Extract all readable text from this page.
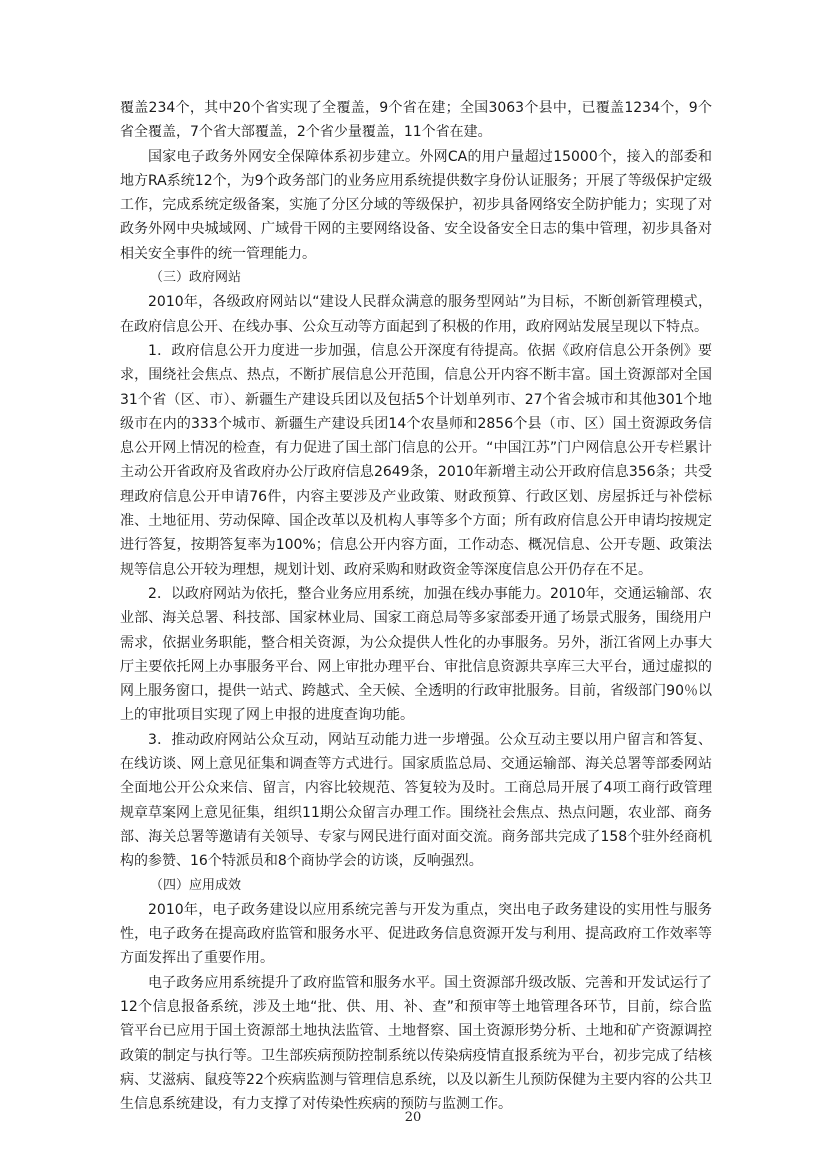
覆盖234个，其中20个省实现了全覆盖，9个省在建；全国3063个县中，已覆盖1234个，9个省全覆盖，7个省大部覆盖，2个省少量覆盖，11个省在建。

国家电子政务外网安全保障体系初步建立。外网CA的用户量超过15000个，接入的部委和地方RA系统12个，为9个政务部门的业务应用系统提供数字身份认证服务；开展了等级保护定级工作，完成系统定级备案，实施了分区分域的等级保护，初步具备网络安全防护能力；实现了对政务外网中央城域网、广域骨干网的主要网络设备、安全设备安全日志的集中管理，初步具备对相关安全事件的统一管理能力。

（三）政府网站

2010年，各级政府网站以“建设人民群众满意的服务型网站”为目标，不断创新管理模式，在政府信息公开、在线办事、公众互动等方面起到了积极的作用，政府网站发展呈现以下特点。

1．政府信息公开力度进一步加强，信息公开深度有待提高。依据《政府信息公开条例》要求，围绕社会焦点、热点，不断扩展信息公开范围，信息公开内容不断丰富。国土资源部对全国31个省（区、市）、新疆生产建设兵团以及包括5个计划单列市、27个省会城市和其他301个地级市在内的333个城市、新疆生产建设兵团14个农垦师和2856个县（市、区）国土资源政务信息公开网上情况的检查，有力促进了国土部门信息的公开。“中国江苏”门户网信息公开专栏累计主动公开省政府及省政府办公厅政府信息2649条，2010年新增主动公开政府信息356条；共受理政府信息公开申请76件，内容主要涉及产业政策、财政预算、行政区划、房屋拆迁与补偿标准、土地征用、劳动保障、国企改革以及机构人事等多个方面；所有政府信息公开申请均按规定进行答复，按期答复率为100%；信息公开内容方面，工作动态、概况信息、公开专题、政策法规等信息公开较为理想，规划计划、政府采购和财政资金等深度信息公开仍存在不足。

2．以政府网站为依托，整合业务应用系统，加强在线办事能力。2010年，交通运输部、农业部、海关总署、科技部、国家林业局、国家工商总局等多家部委开通了场景式服务，围绕用户需求，依据业务职能，整合相关资源，为公众提供人性化的办事服务。另外，浙江省网上办事大厅主要依托网上办事服务平台、网上审批办理平台、审批信息资源共享库三大平台，通过虚拟的网上服务窗口，提供一站式、跨越式、全天候、全透明的行政审批服务。目前，省级部门90％以上的审批项目实现了网上申报的进度查询功能。

3．推动政府网站公众互动，网站互动能力进一步增强。公众互动主要以用户留言和答复、在线访谈、网上意见征集和调查等方式进行。国家质监总局、交通运输部、海关总署等部委网站全面地公开公众来信、留言，内容比较规范、答复较为及时。工商总局开展了4项工商行政管理规章草案网上意见征集，组织11期公众留言办理工作。围绕社会焦点、热点问题，农业部、商务部、海关总署等邀请有关领导、专家与网民进行面对面交流。商务部共完成了158个驻外经商机构的参赞、16个特派员和8个商协学会的访谈，反响强烈。

（四）应用成效

2010年，电子政务建设以应用系统完善与开发为重点，突出电子政务建设的实用性与服务性，电子政务在提高政府监管和服务水平、促进政务信息资源开发与利用、提高政府工作效率等方面发挥出了重要作用。

电子政务应用系统提升了政府监管和服务水平。国土资源部升级改版、完善和开发试运行了12个信息报备系统，涉及土地“批、供、用、补、查”和预审等土地管理各环节，目前，综合监管平台已应用于国土资源部土地执法监管、土地督察、国土资源形势分析、土地和矿产资源调控政策的制定与执行等。卫生部疾病预防控制系统以传染病疫情直报系统为平台，初步完成了结核病、艾滋病、鼠疫等22个疾病监测与管理信息系统，以及以新生儿预防保健为主要内容的公共卫生信息系统建设，有力支撑了对传染性疾病的预防与监测工作。

20
